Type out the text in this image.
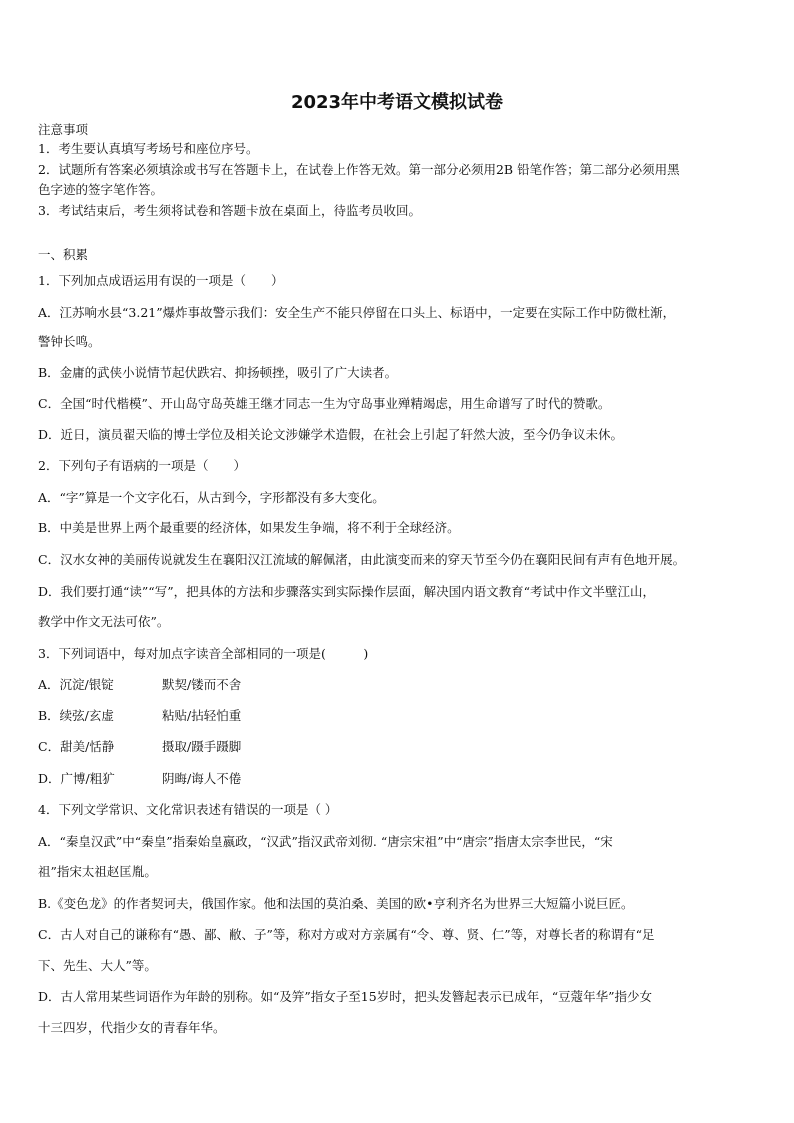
2023年中考语文模拟试卷
注意事项
1．考生要认真填写考场号和座位序号。
2．试题所有答案必须填涂或书写在答题卡上，在试卷上作答无效。第一部分必须用2B 铅笔作答；第二部分必须用黑
色字迹的签字笔作答。
3．考试结束后，考生须将试卷和答题卡放在桌面上，待监考员收回。
一、积累
1．下列加点成语运用有误的一项是（　　）
A．江苏响水县“3.21”爆炸事故警示我们：安全生产不能只停留在口头上、标语中，一定要在实际工作中防微杜渐，
警钟长鸣。
B．金庸的武侠小说情节起伏跌宕、抑扬顿挫，吸引了广大读者。
C．全国“时代楷模”、开山岛守岛英雄王继才同志一生为守岛事业殚精竭虑，用生命谱写了时代的赞歌。
D．近日，演员翟天临的博士学位及相关论文涉嫌学术造假，在社会上引起了轩然大波，至今仍争议未休。
2．下列句子有语病的一项是（　　）
A．“字”算是一个文字化石，从古到今，字形都没有多大变化。
B．中美是世界上两个最重要的经济体，如果发生争端，将不利于全球经济。
C．汉水女神的美丽传说就发生在襄阳汉江流域的解佩渚，由此演变而来的穿天节至今仍在襄阳民间有声有色地开展。
D．我们要打通“读”“写”，把具体的方法和步骤落实到实际操作层面，解决国内语文教育“考试中作文半壁江山，
教学中作文无法可依”。
3．下列词语中，每对加点字读音全部相同的一项是(　　　)
A．沉淀/银锭	默契/镂而不舍
B．续弦/玄虚	粘贴/拈轻怕重
C．甜美/恬静	摄取/蹑手蹑脚
D．广博/粗犷	阴晦/诲人不倦
4．下列文学常识、文化常识表述有错误的一项是（ ）
A．“秦皇汉武”中“秦皇”指秦始皇嬴政，“汉武”指汉武帝刘彻. “唐宗宋祖”中“唐宗”指唐太宗李世民，“宋
祖”指宋太祖赵匡胤。
B.《变色龙》的作者契诃夫，俄国作家。他和法国的莫泊桑、美国的欧•亨利齐名为世界三大短篇小说巨匠。
C．古人对自己的谦称有“愚、鄙、敝、子”等，称对方或对方亲属有“令、尊、贤、仁”等，对尊长者的称谓有“足
下、先生、大人”等。
D．古人常用某些词语作为年龄的别称。如“及笄”指女子至15岁时，把头发簪起表示已成年，“豆蔻年华”指少女
十三四岁，代指少女的青春年华。
